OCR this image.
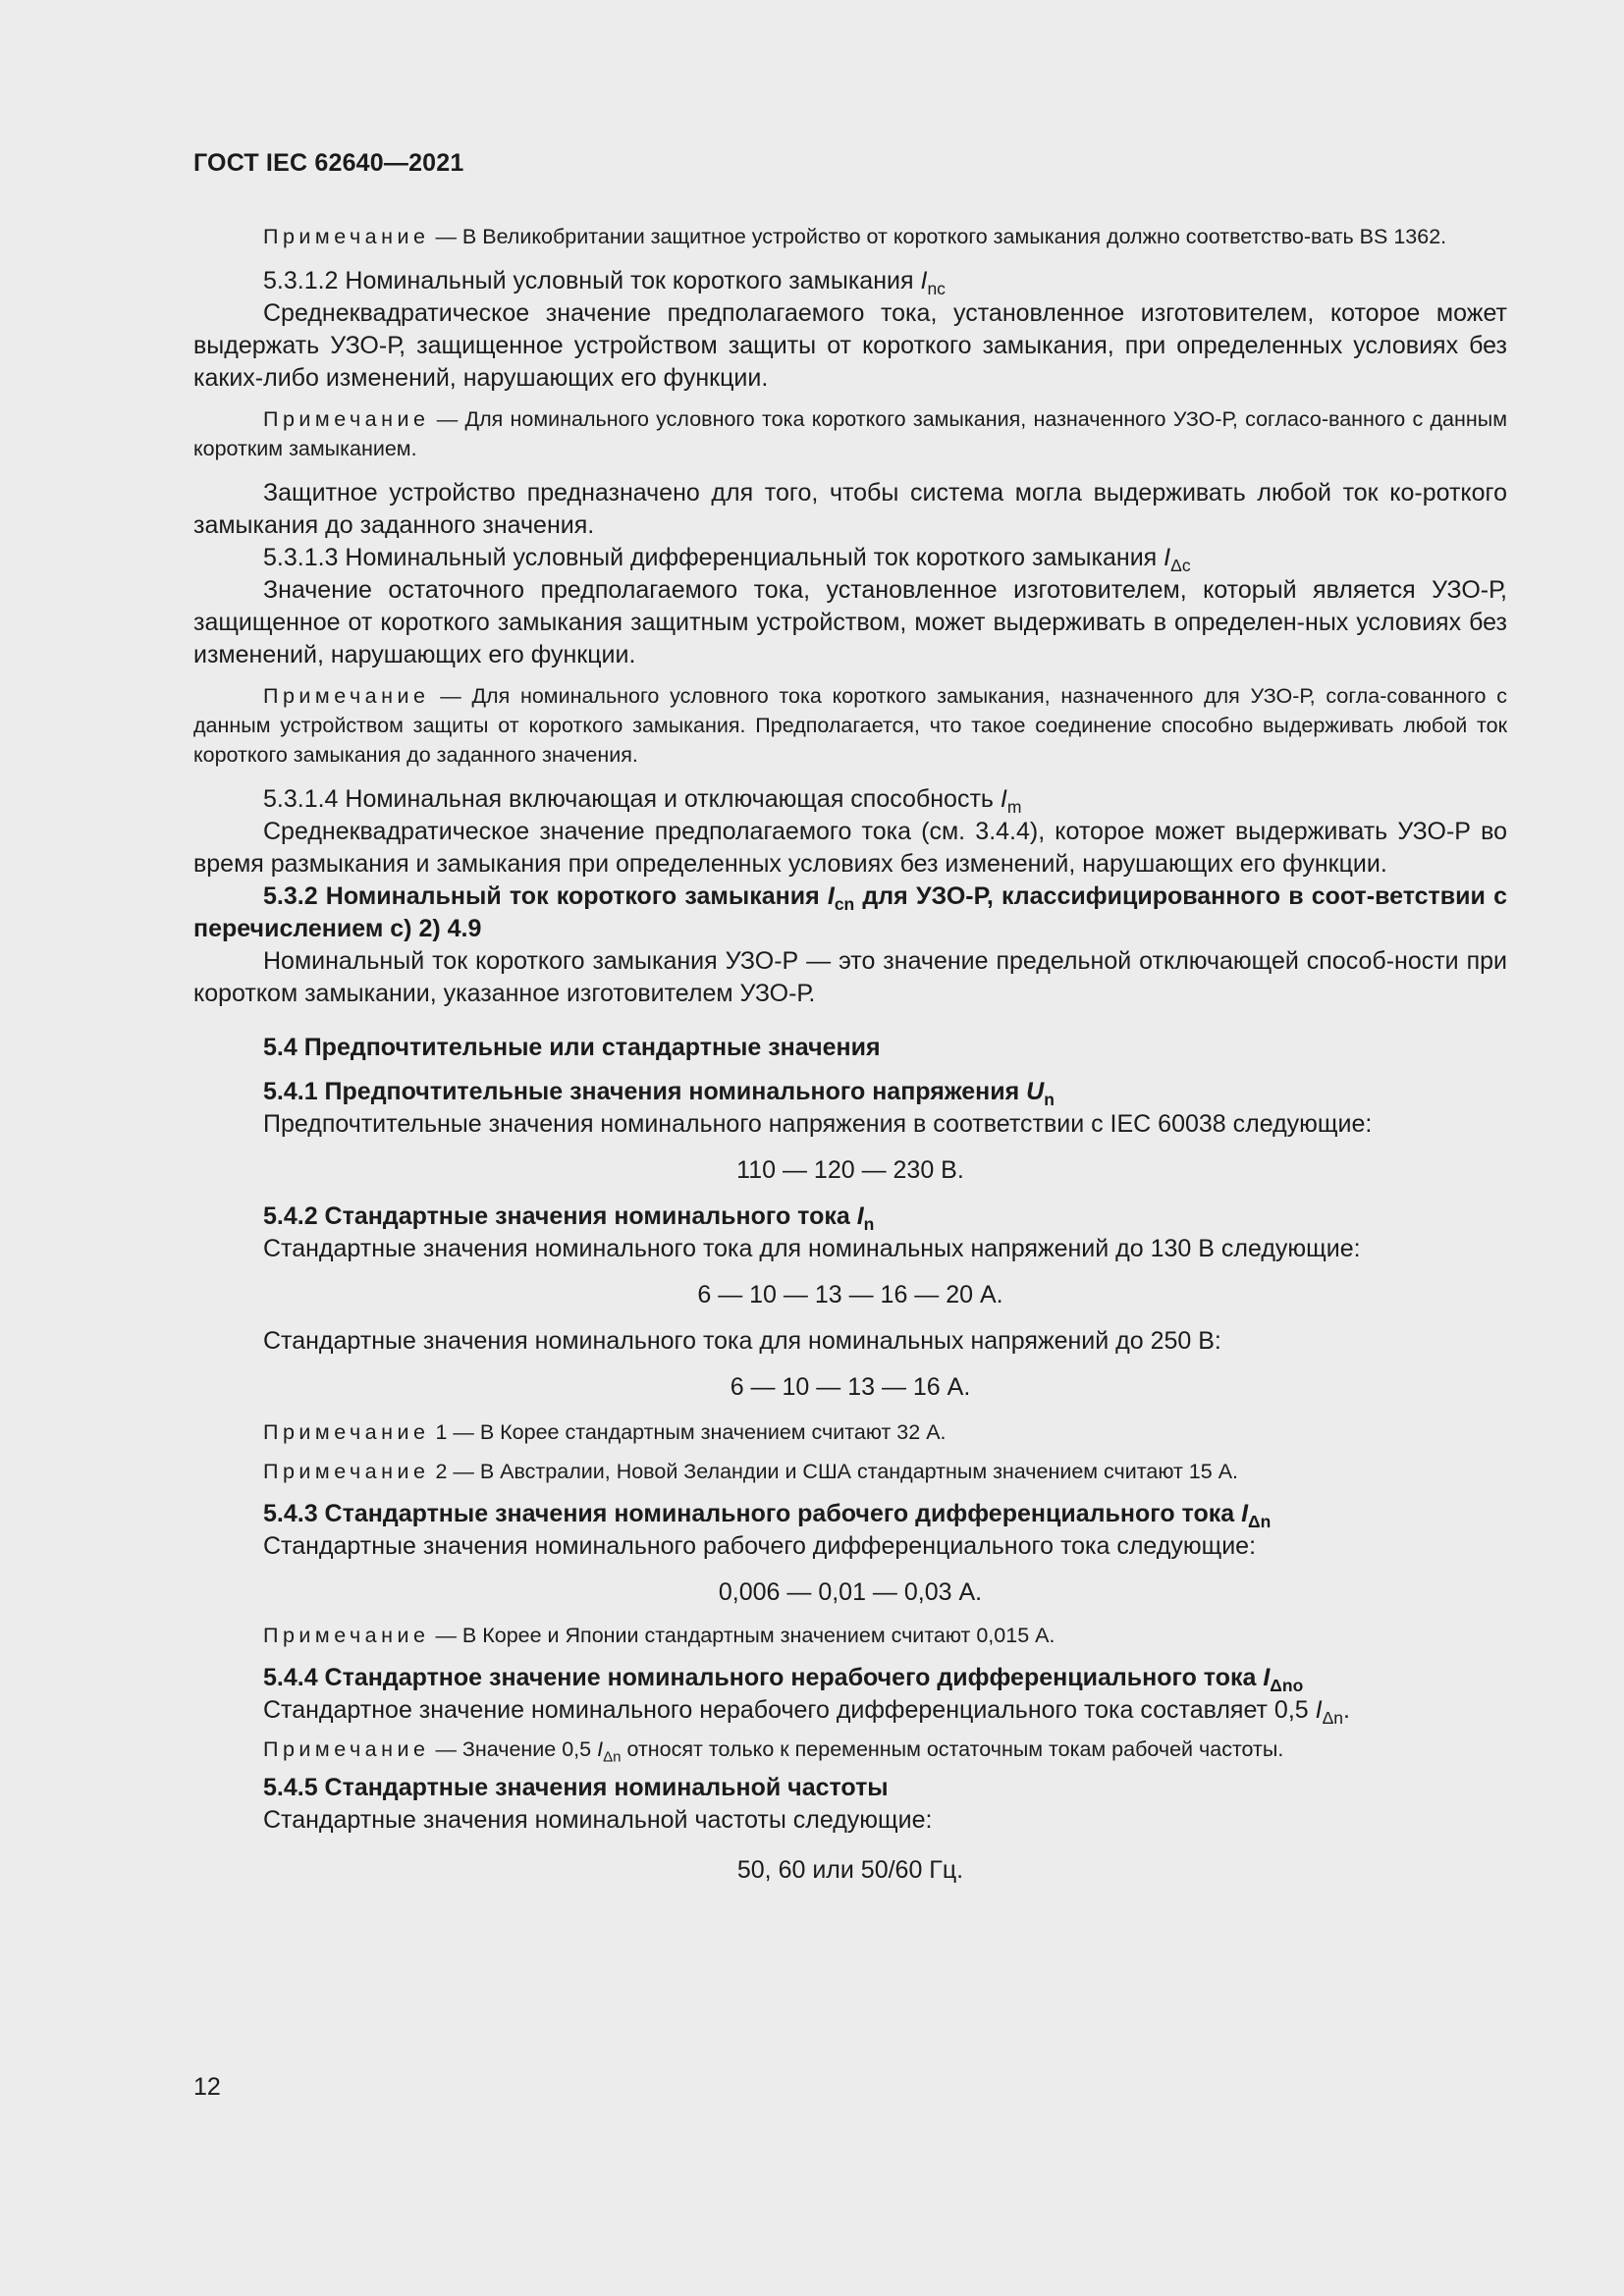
ГОСТ IEC 62640—2021

Примечание — В Великобритании защитное устройство от короткого замыкания должно соответство-вать BS 1362.

5.3.1.2 Номинальный условный ток короткого замыкания $I_{nc}$

Среднеквадратическое значение предполагаемого тока, установленное изготовителем, которое может выдержать УЗО-Р, защищенное устройством защиты от короткого замыкания, при определенных условиях без каких-либо изменений, нарушающих его функции.

Примечание — Для номинального условного тока короткого замыкания, назначенного УЗО-Р, согласо-ванного с данным коротким замыканием.

Защитное устройство предназначено для того, чтобы система могла выдерживать любой ток ко-роткого замыкания до заданного значения.

5.3.1.3 Номинальный условный дифференциальный ток короткого замыкания $I_{\Delta c}$

Значение остаточного предполагаемого тока, установленное изготовителем, который является УЗО-Р, защищенное от короткого замыкания защитным устройством, может выдерживать в определен-ных условиях без изменений, нарушающих его функции.

Примечание — Для номинального условного тока короткого замыкания, назначенного для УЗО-Р, согла-сованного с данным устройством защиты от короткого замыкания. Предполагается, что такое соединение способно выдерживать любой ток короткого замыкания до заданного значения.

5.3.1.4 Номинальная включающая и отключающая способность $I_m$

Среднеквадратическое значение предполагаемого тока (см. 3.4.4), которое может выдерживать УЗО-Р во время размыкания и замыкания при определенных условиях без изменений, нарушающих его функции.

5.3.2 Номинальный ток короткого замыкания $I_{cn}$ для УЗО-Р, классифицированного в соот-ветствии с перечислением с) 2) 4.9

Номинальный ток короткого замыкания УЗО-Р — это значение предельной отключающей способ-ности при коротком замыкании, указанное изготовителем УЗО-Р.

5.4 Предпочтительные или стандартные значения

5.4.1 Предпочтительные значения номинального напряжения $U_n$

Предпочтительные значения номинального напряжения в соответствии с IEC 60038 следующие:

110 — 120 — 230 В.

5.4.2 Стандартные значения номинального тока $I_n$

Стандартные значения номинального тока для номинальных напряжений до 130 В следующие:

6 — 10 — 13 — 16 — 20 А.

Стандартные значения номинального тока для номинальных напряжений до 250 В:

6 — 10 — 13 — 16 А.

Примечание 1 — В Корее стандартным значением считают 32 А.

Примечание 2 — В Австралии, Новой Зеландии и США стандартным значением считают 15 А.

5.4.3 Стандартные значения номинального рабочего дифференциального тока $I_{\Delta n}$

Стандартные значения номинального рабочего дифференциального тока следующие:

0,006 — 0,01 — 0,03 А.

Примечание — В Корее и Японии стандартным значением считают 0,015 А.

5.4.4 Стандартное значение номинального нерабочего дифференциального тока $I_{\Delta no}$

Стандартное значение номинального нерабочего дифференциального тока составляет 0,5 $I_{\Delta n}$.

Примечание — Значение 0,5 $I_{\Delta n}$ относят только к переменным остаточным токам рабочей частоты.

5.4.5 Стандартные значения номинальной частоты

Стандартные значения номинальной частоты следующие:

50, 60 или 50/60 Гц.

12
